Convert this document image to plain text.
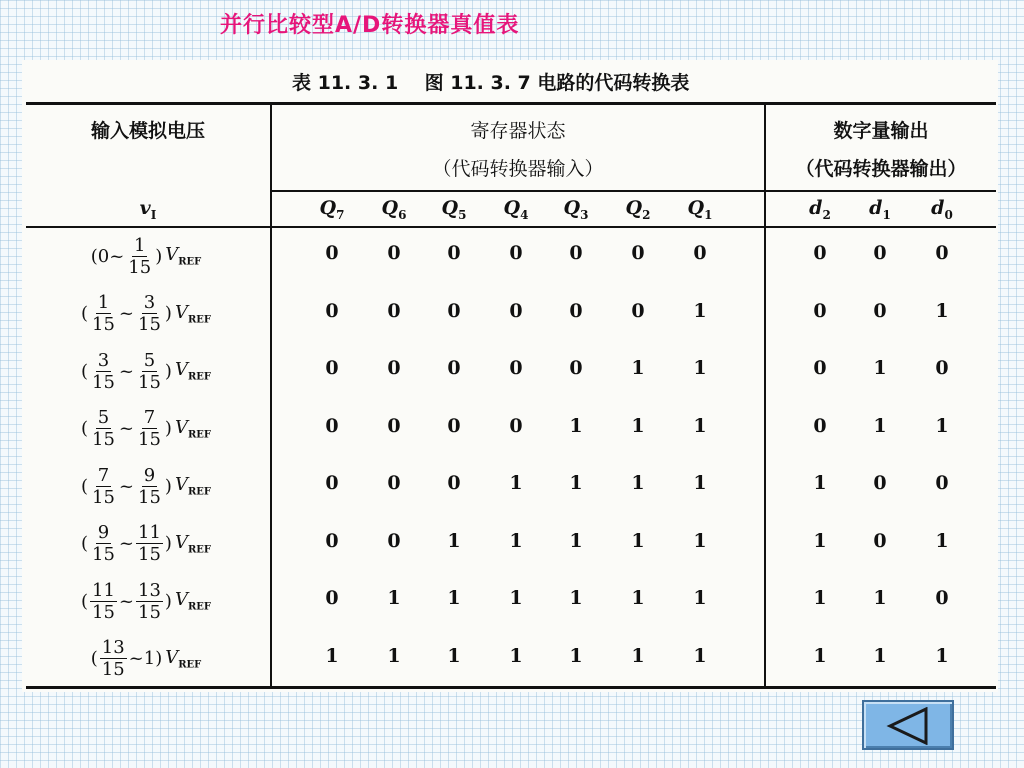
并行比较型A/D转换器真值表
表 11. 3. 1    图 11. 3. 7 电路的代码转换表
输入模拟电压	寄存器状态
（代码转换器输入）
数字量输出
（代码转换器输出）
$v_I$	$Q_7$	$Q_6$	$Q_5$	$Q_4$	$Q_3$	$Q_2$	$Q_1$	$d_2$	$d_1$	$d_0$
( 0 ~ $\frac{1}{15}$ ) $V_{REF}$	0	0	0	0	0	0	0	0	0	0
( $\frac{1}{15}$ ~ $\frac{3}{15}$ ) $V_{REF}$	0	0	0	0	0	0	1	0	0	1
( $\frac{3}{15}$ ~ $\frac{5}{15}$ ) $V_{REF}$	0	0	0	0	0	1	1	0	1	0
( $\frac{5}{15}$ ~ $\frac{7}{15}$ ) $V_{REF}$	0	0	0	0	1	1	1	0	1	1
( $\frac{7}{15}$ ~ $\frac{9}{15}$ ) $V_{REF}$	0	0	0	1	1	1	1	1	0	0
( $\frac{9}{15}$ ~ $\frac{11}{15}$ ) $V_{REF}$	0	0	1	1	1	1	1	1	0	1
( $\frac{11}{15}$ ~ $\frac{13}{15}$ ) $V_{REF}$	0	1	1	1	1	1	1	1	1	0
( $\frac{13}{15}$ ~ 1 ) $V_{REF}$	1	1	1	1	1	1	1	1	1	1
